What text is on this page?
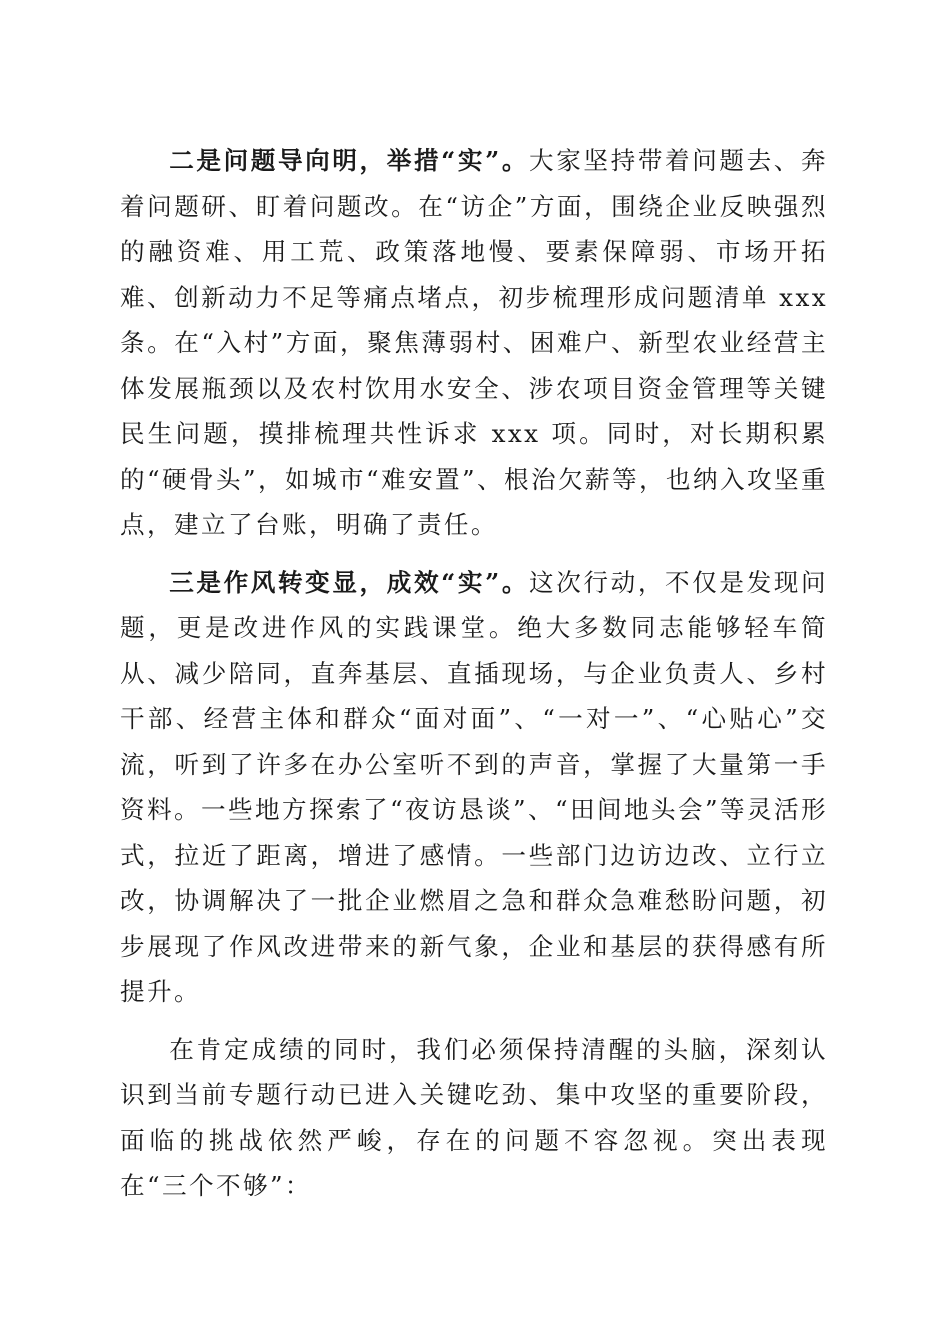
二是问题导向明，举措“实”。大家坚持带着问题去、奔着问题研、盯着问题改。在“访企”方面，围绕企业反映强烈的融资难、用工荒、政策落地慢、要素保障弱、市场开拓难、创新动力不足等痛点堵点，初步梳理形成问题清单 xxx 条。在“入村”方面，聚焦薄弱村、困难户、新型农业经营主体发展瓶颈以及农村饮用水安全、涉农项目资金管理等关键民生问题，摸排梳理共性诉求 xxx 项。同时，对长期积累的“硬骨头”，如城市“难安置”、根治欠薪等，也纳入攻坚重点，建立了台账，明确了责任。

三是作风转变显，成效“实”。这次行动，不仅是发现问题，更是改进作风的实践课堂。绝大多数同志能够轻车简从、减少陪同，直奔基层、直插现场，与企业负责人、乡村干部、经营主体和群众“面对面”、“一对一”、“心贴心”交流，听到了许多在办公室听不到的声音，掌握了大量第一手资料。一些地方探索了“夜访恳谈”、“田间地头会”等灵活形式，拉近了距离，增进了感情。一些部门边访边改、立行立改，协调解决了一批企业燃眉之急和群众急难愁盼问题，初步展现了作风改进带来的新气象，企业和基层的获得感有所提升。

在肯定成绩的同时，我们必须保持清醒的头脑，深刻认识到当前专题行动已进入关键吃劲、集中攻坚的重要阶段，面临的挑战依然严峻，存在的问题不容忽视。突出表现在“三个不够”：
